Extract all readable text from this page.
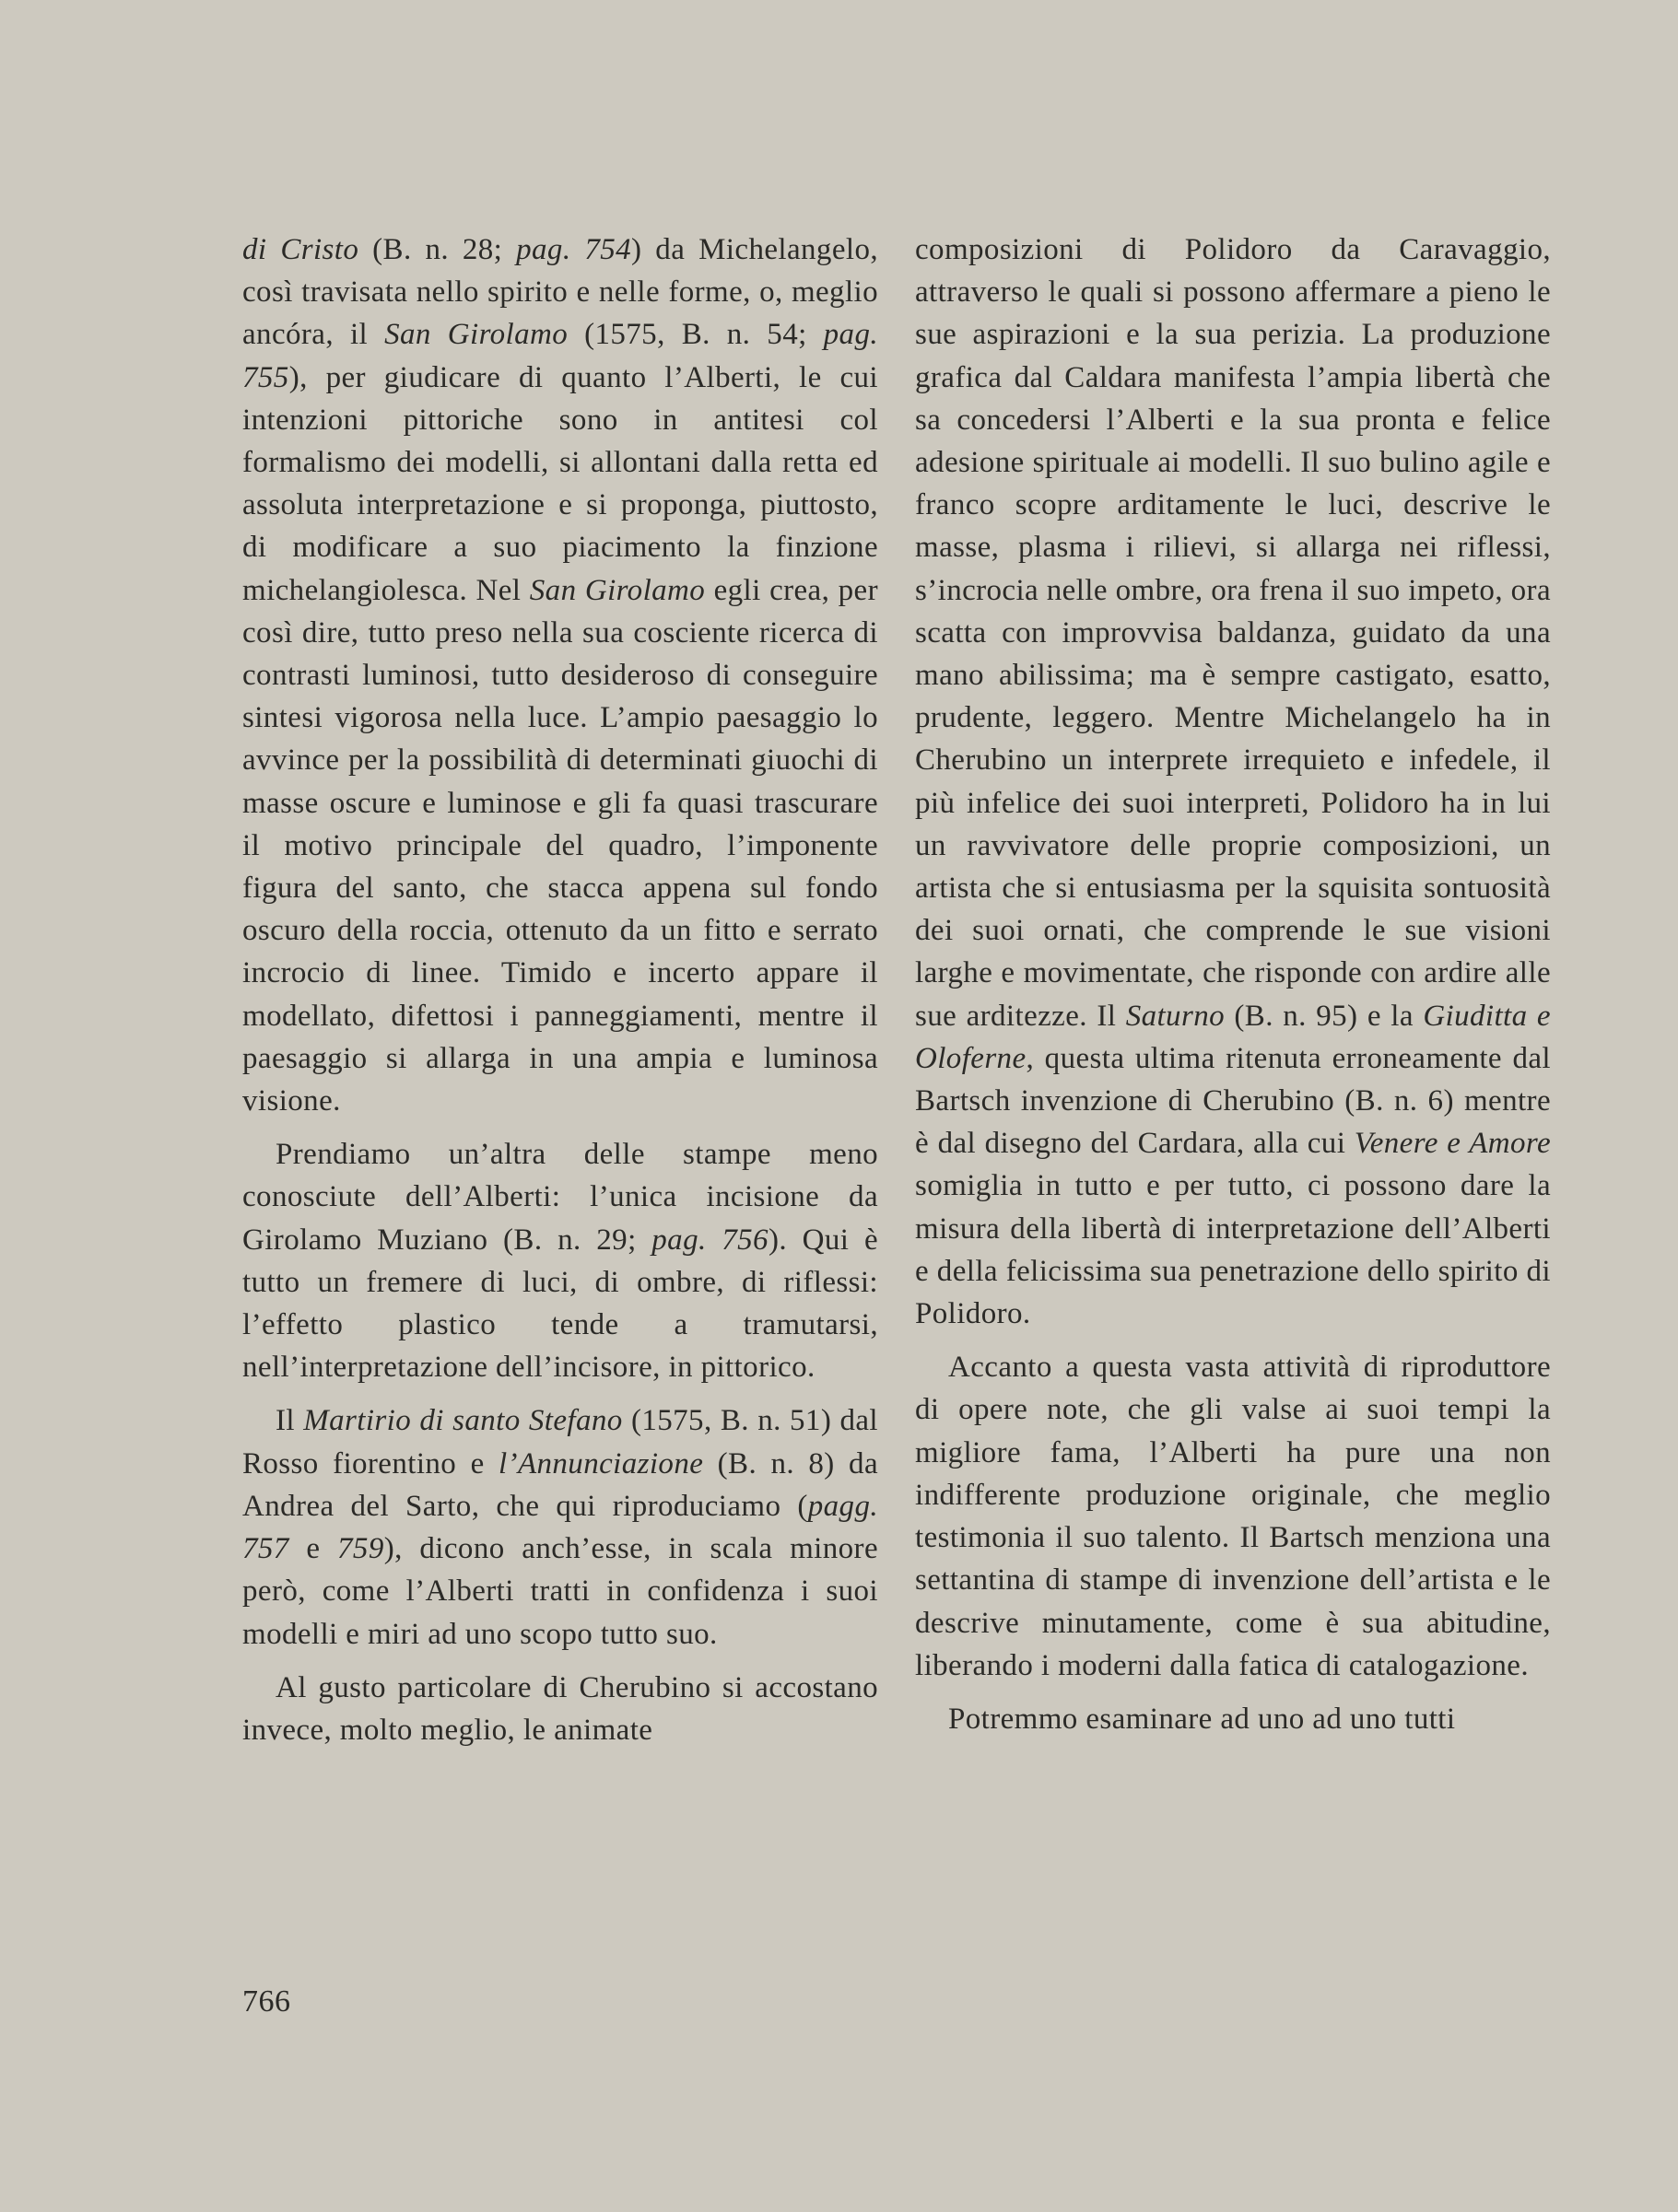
di Cristo (B. n. 28; pag. 754) da Michelangelo, così travisata nello spirito e nelle forme, o, meglio ancóra, il San Girolamo (1575, B. n. 54; pag. 755), per giudicare di quanto l’Alberti, le cui intenzioni pittoriche sono in antitesi col formalismo dei modelli, si allontani dalla retta ed assoluta interpretazione e si proponga, piuttosto, di modificare a suo piacimento la finzione michelangiolesca. Nel San Girolamo egli crea, per così dire, tutto preso nella sua cosciente ricerca di contrasti luminosi, tutto desideroso di conseguire sintesi vigorosa nella luce. L’ampio paesaggio lo avvince per la possibilità di determinati giuochi di masse oscure e luminose e gli fa quasi trascurare il motivo principale del quadro, l’imponente figura del santo, che stacca appena sul fondo oscuro della roccia, ottenuto da un fitto e serrato incrocio di linee. Timido e incerto appare il modellato, difettosi i panneggiamenti, mentre il paesaggio si allarga in una ampia e luminosa visione.

Prendiamo un’altra delle stampe meno conosciute dell’Alberti: l’unica incisione da Girolamo Muziano (B. n. 29; pag. 756). Qui è tutto un fremere di luci, di ombre, di riflessi: l’effetto plastico tende a tramutarsi, nell’interpretazione dell’incisore, in pittorico.

Il Martirio di santo Stefano (1575, B. n. 51) dal Rosso fiorentino e l’Annunciazione (B. n. 8) da Andrea del Sarto, che qui riproduciamo (pagg. 757 e 759), dicono anch’esse, in scala minore però, come l’Alberti tratti in confidenza i suoi modelli e miri ad uno scopo tutto suo.

Al gusto particolare di Cherubino si accostano invece, molto meglio, le animate

composizioni di Polidoro da Caravaggio, attraverso le quali si possono affermare a pieno le sue aspirazioni e la sua perizia. La produzione grafica dal Caldara manifesta l’ampia libertà che sa concedersi l’Alberti e la sua pronta e felice adesione spirituale ai modelli. Il suo bulino agile e franco scopre arditamente le luci, descrive le masse, plasma i rilievi, si allarga nei riflessi, s’incrocia nelle ombre, ora frena il suo impeto, ora scatta con improvvisa baldanza, guidato da una mano abilissima; ma è sempre castigato, esatto, prudente, leggero. Mentre Michelangelo ha in Cherubino un interprete irrequieto e infedele, il più infelice dei suoi interpreti, Polidoro ha in lui un ravvivatore delle proprie composizioni, un artista che si entusiasma per la squisita sontuosità dei suoi ornati, che comprende le sue visioni larghe e movimentate, che risponde con ardire alle sue arditezze. Il Saturno (B. n. 95) e la Giuditta e Oloferne, questa ultima ritenuta erroneamente dal Bartsch invenzione di Cherubino (B. n. 6) mentre è dal disegno del Cardara, alla cui Venere e Amore somiglia in tutto e per tutto, ci possono dare la misura della libertà di interpretazione dell’Alberti e della felicissima sua penetrazione dello spirito di Polidoro.

Accanto a questa vasta attività di riproduttore di opere note, che gli valse ai suoi tempi la migliore fama, l’Alberti ha pure una non indifferente produzione originale, che meglio testimonia il suo talento. Il Bartsch menziona una settantina di stampe di invenzione dell’artista e le descrive minutamente, come è sua abitudine, liberando i moderni dalla fatica di catalogazione.

Potremmo esaminare ad uno ad uno tutti

766
